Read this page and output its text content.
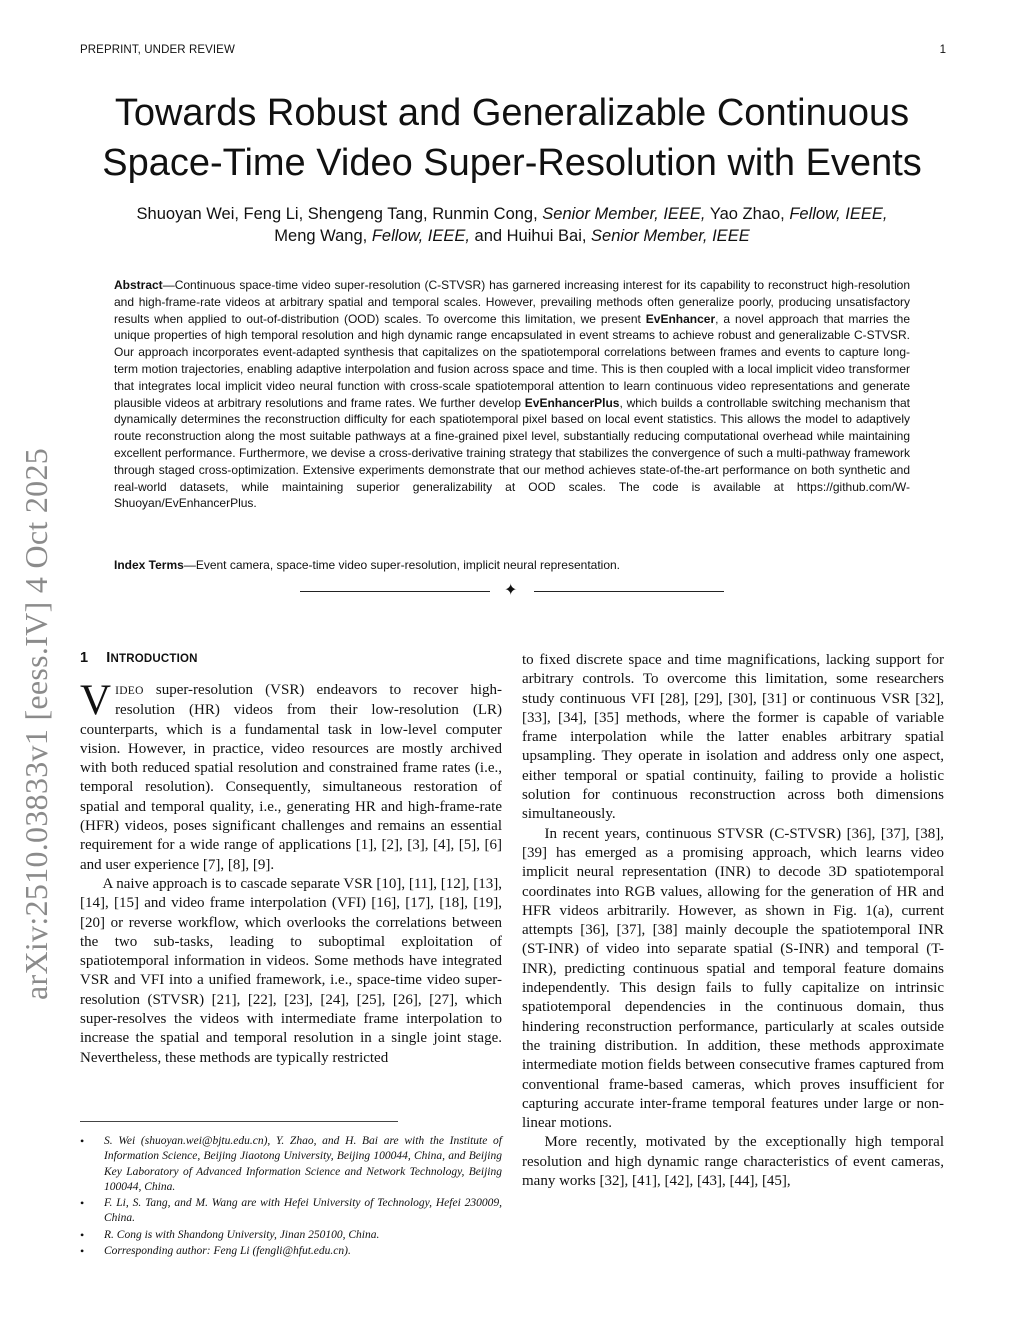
PREPRINT, UNDER REVIEW	1
arXiv:2510.03833v1 [eess.IV] 4 Oct 2025
Towards Robust and Generalizable Continuous
Space-Time Video Super-Resolution with Events
Shuoyan Wei, Feng Li, Shengeng Tang, Runmin Cong, Senior Member, IEEE, Yao Zhao, Fellow, IEEE,
Meng Wang, Fellow, IEEE, and Huihui Bai, Senior Member, IEEE
Abstract—Continuous space-time video super-resolution (C-STVSR) has garnered increasing interest for its capability to reconstruct high-resolution and high-frame-rate videos at arbitrary spatial and temporal scales. However, prevailing methods often generalize poorly, producing unsatisfactory results when applied to out-of-distribution (OOD) scales. To overcome this limitation, we present EvEnhancer, a novel approach that marries the unique properties of high temporal resolution and high dynamic range encapsulated in event streams to achieve robust and generalizable C-STVSR. Our approach incorporates event-adapted synthesis that capitalizes on the spatiotemporal correlations between frames and events to capture long-term motion trajectories, enabling adaptive interpolation and fusion across space and time. This is then coupled with a local implicit video transformer that integrates local implicit video neural function with cross-scale spatiotemporal attention to learn continuous video representations and generate plausible videos at arbitrary resolutions and frame rates. We further develop EvEnhancerPlus, which builds a controllable switching mechanism that dynamically determines the reconstruction difficulty for each spatiotemporal pixel based on local event statistics. This allows the model to adaptively route reconstruction along the most suitable pathways at a fine-grained pixel level, substantially reducing computational overhead while maintaining excellent performance. Furthermore, we devise a cross-derivative training strategy that stabilizes the convergence of such a multi-pathway framework through staged cross-optimization. Extensive experiments demonstrate that our method achieves state-of-the-art performance on both synthetic and real-world datasets, while maintaining superior generalizability at OOD scales. The code is available at https://github.com/W-Shuoyan/EvEnhancerPlus.
Index Terms—Event camera, space-time video super-resolution, implicit neural representation.
✦
1 INTRODUCTION

VIDEO super-resolution (VSR) endeavors to recover high-resolution (HR) videos from their low-resolution (LR) counterparts, which is a fundamental task in low-level computer vision. However, in practice, video resources are mostly archived with both reduced spatial resolution and constrained frame rates (i.e., temporal resolution). Consequently, simultaneous restoration of spatial and temporal quality, i.e., generating HR and high-frame-rate (HFR) videos, poses significant challenges and remains an essential requirement for a wide range of applications [1], [2], [3], [4], [5], [6] and user experience [7], [8], [9].

A naive approach is to cascade separate VSR [10], [11], [12], [13], [14], [15] and video frame interpolation (VFI) [16], [17], [18], [19], [20] or reverse workflow, which overlooks the correlations between the two sub-tasks, leading to suboptimal exploitation of spatiotemporal information in videos. Some methods have integrated VSR and VFI into a unified framework, i.e., space-time video super-resolution (STVSR) [21], [22], [23], [24], [25], [26], [27], which super-resolves the videos with intermediate frame interpolation to increase the spatial and temporal resolution in a single joint stage. Nevertheless, these methods are typically restricted

to fixed discrete space and time magnifications, lacking support for arbitrary controls. To overcome this limitation, some researchers study continuous VFI [28], [29], [30], [31] or continuous VSR [32], [33], [34], [35] methods, where the former is capable of variable frame interpolation while the latter enables arbitrary spatial upsampling. They operate in isolation and address only one aspect, either temporal or spatial continuity, failing to provide a holistic solution for continuous reconstruction across both dimensions simultaneously.

In recent years, continuous STVSR (C-STVSR) [36], [37], [38], [39] has emerged as a promising approach, which learns video implicit neural representation (INR) to decode 3D spatiotemporal coordinates into RGB values, allowing for the generation of HR and HFR videos arbitrarily. However, as shown in Fig. 1(a), current attempts [36], [37], [38] mainly decouple the spatiotemporal INR (ST-INR) of video into separate spatial (S-INR) and temporal (T-INR), predicting continuous spatial and temporal feature domains independently. This design fails to fully capitalize on intrinsic spatiotemporal dependencies in the continuous domain, thus hindering reconstruction performance, particularly at scales outside the training distribution. In addition, these methods approximate intermediate motion fields between consecutive frames captured from conventional frame-based cameras, which proves insufficient for capturing accurate inter-frame temporal features under large or non-linear motions.

More recently, motivated by the exceptionally high temporal resolution and high dynamic range characteristics of event cameras, many works [32], [41], [42], [43], [44], [45],

• S. Wei (shuoyan.wei@bjtu.edu.cn), Y. Zhao, and H. Bai are with the Institute of Information Science, Beijing Jiaotong University, Beijing 100044, China, and Beijing Key Laboratory of Advanced Information Science and Network Technology, Beijing 100044, China.
• F. Li, S. Tang, and M. Wang are with Hefei University of Technology, Hefei 230009, China.
• R. Cong is with Shandong University, Jinan 250100, China.
• Corresponding author: Feng Li (fengli@hfut.edu.cn).
